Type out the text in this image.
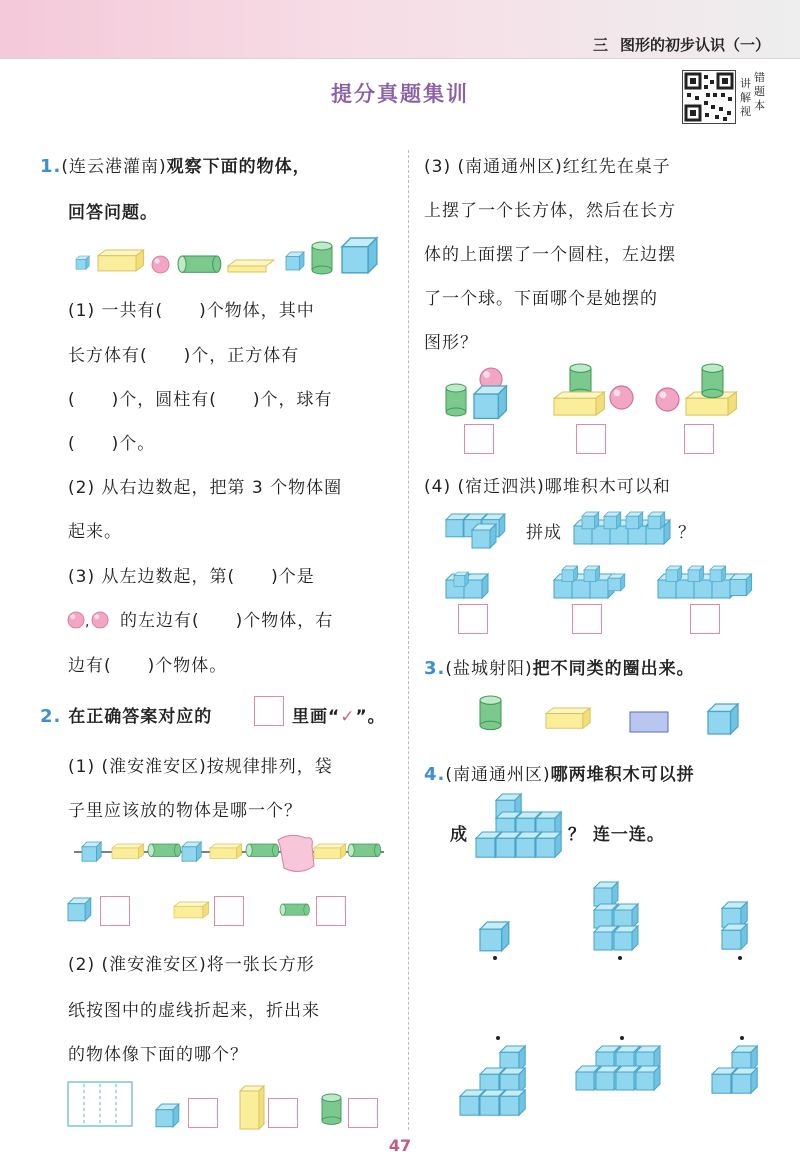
三 图形的初步认识（一）
提分真题集训
错
题
本
讲
解
视
1.(连云港灌南)观察下面的物体，
回答问题。
(1) 一共有(　　)个物体，其中
长方体有(　　)个，正方体有
(　　)个，圆柱有(　　)个，球有
(　　)个。
(2) 从右边数起，把第 3 个物体圈
起来。
(3) 从左边数起，第(　　)个是
, 的左边有(　　)个物体，右
边有(　　)个物体。
2. 在正确答案对应的	里画“✓”。
(1) (淮安淮安区)按规律排列，袋
子里应该放的物体是哪一个？
(2) (淮安淮安区)将一张长方形
纸按图中的虚线折起来，折出来
的物体像下面的哪个？
(3) (南通通州区)红红先在桌子
上摆了一个长方体，然后在长方
体的上面摆了一个圆柱，左边摆
了一个球。下面哪个是她摆的
图形？
(4) (宿迁泗洪)哪堆积木可以和
拼成	？
3.(盐城射阳)把不同类的圈出来。
4.(南通通州区)哪两堆积木可以拼
成	？ 连一连。
47
